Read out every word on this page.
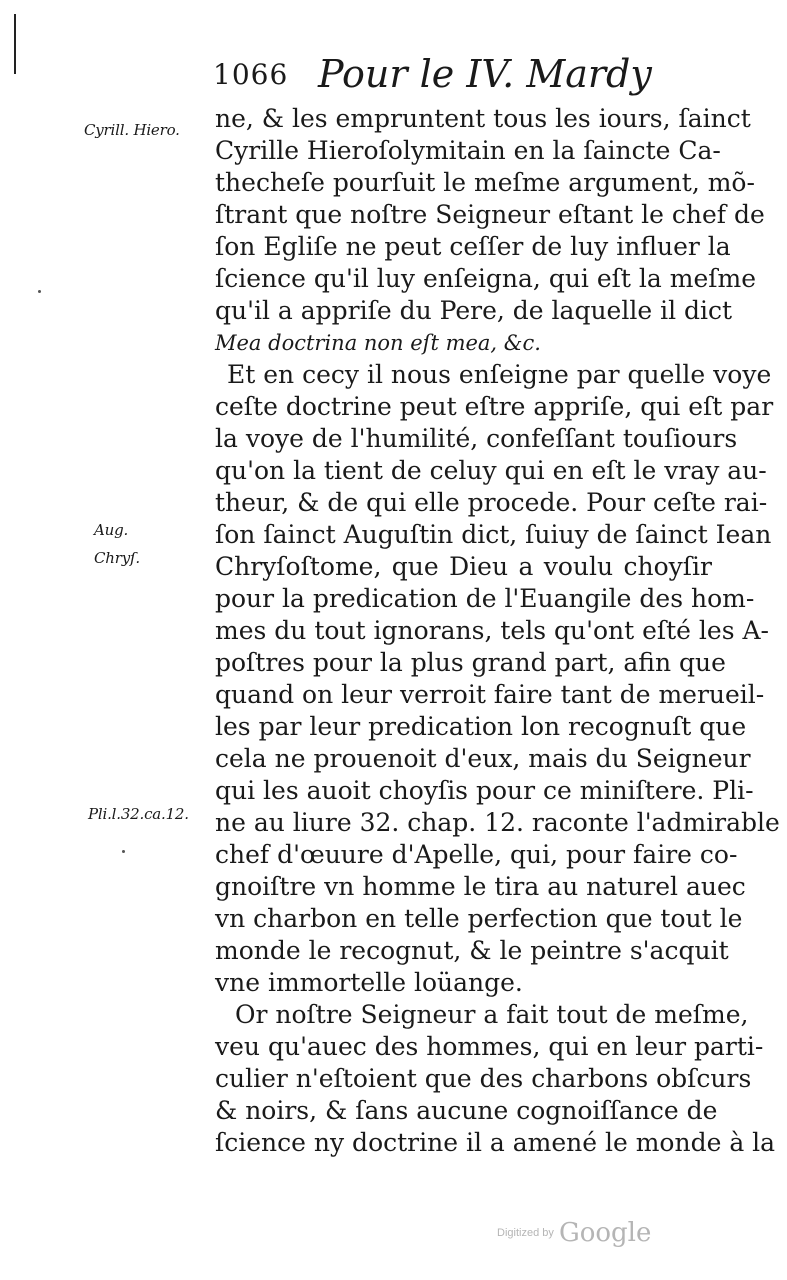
1066 Pour le IV. Mardy
Cyrill. Hiero.
Aug.
Chryſ.
Pli.l.32.ca.12.
ne, & les empruntent tous les iours, ſainct
Cyrille Hieroſolymitain en la ſaincte Ca-
thecheſe pourſuit le meſme argument, mõ-
ſtrant que noſtre Seigneur eſtant le chef de
ſon Egliſe ne peut ceſſer de luy influer la
ſcience qu'il luy enſeigna, qui eſt la meſme
qu'il a appriſe du Pere, de laquelle il dict
Mea doctrina non eſt mea, &c.
Et en cecy il nous enſeigne par quelle voye
ceſte doctrine peut eſtre appriſe, qui eſt par
la voye de l'humilité, confeſſant touſiours
qu'on la tient de celuy qui en eſt le vray au-
theur, & de qui elle procede. Pour ceſte rai-
ſon ſainct Auguſtin dict, ſuiuy de ſainct Iean
Chryſoſtome, que Dieu a voulu choyſir
pour la predication de l'Euangile des hom-
mes du tout ignorans, tels qu'ont eſté les A-
poſtres pour la plus grand part, afin que
quand on leur verroit faire tant de merueil-
les par leur predication lon recognuſt que
cela ne prouenoit d'eux, mais du Seigneur
qui les auoit choyſis pour ce miniſtere. Pli-
ne au liure 32. chap. 12. raconte l'admirable
chef d'œuure d'Apelle, qui, pour faire co-
gnoiſtre vn homme le tira au naturel auec
vn charbon en telle perfection que tout le
monde le recognut, & le peintre s'acquit
vne immortelle loüange.
Or noſtre Seigneur a fait tout de meſme,
veu qu'auec des hommes, qui en leur parti-
culier n'eſtoient que des charbons obſcurs
& noirs, & ſans aucune cognoiſſance de
ſcience ny doctrine il a amené le monde à la
Digitized by Google
